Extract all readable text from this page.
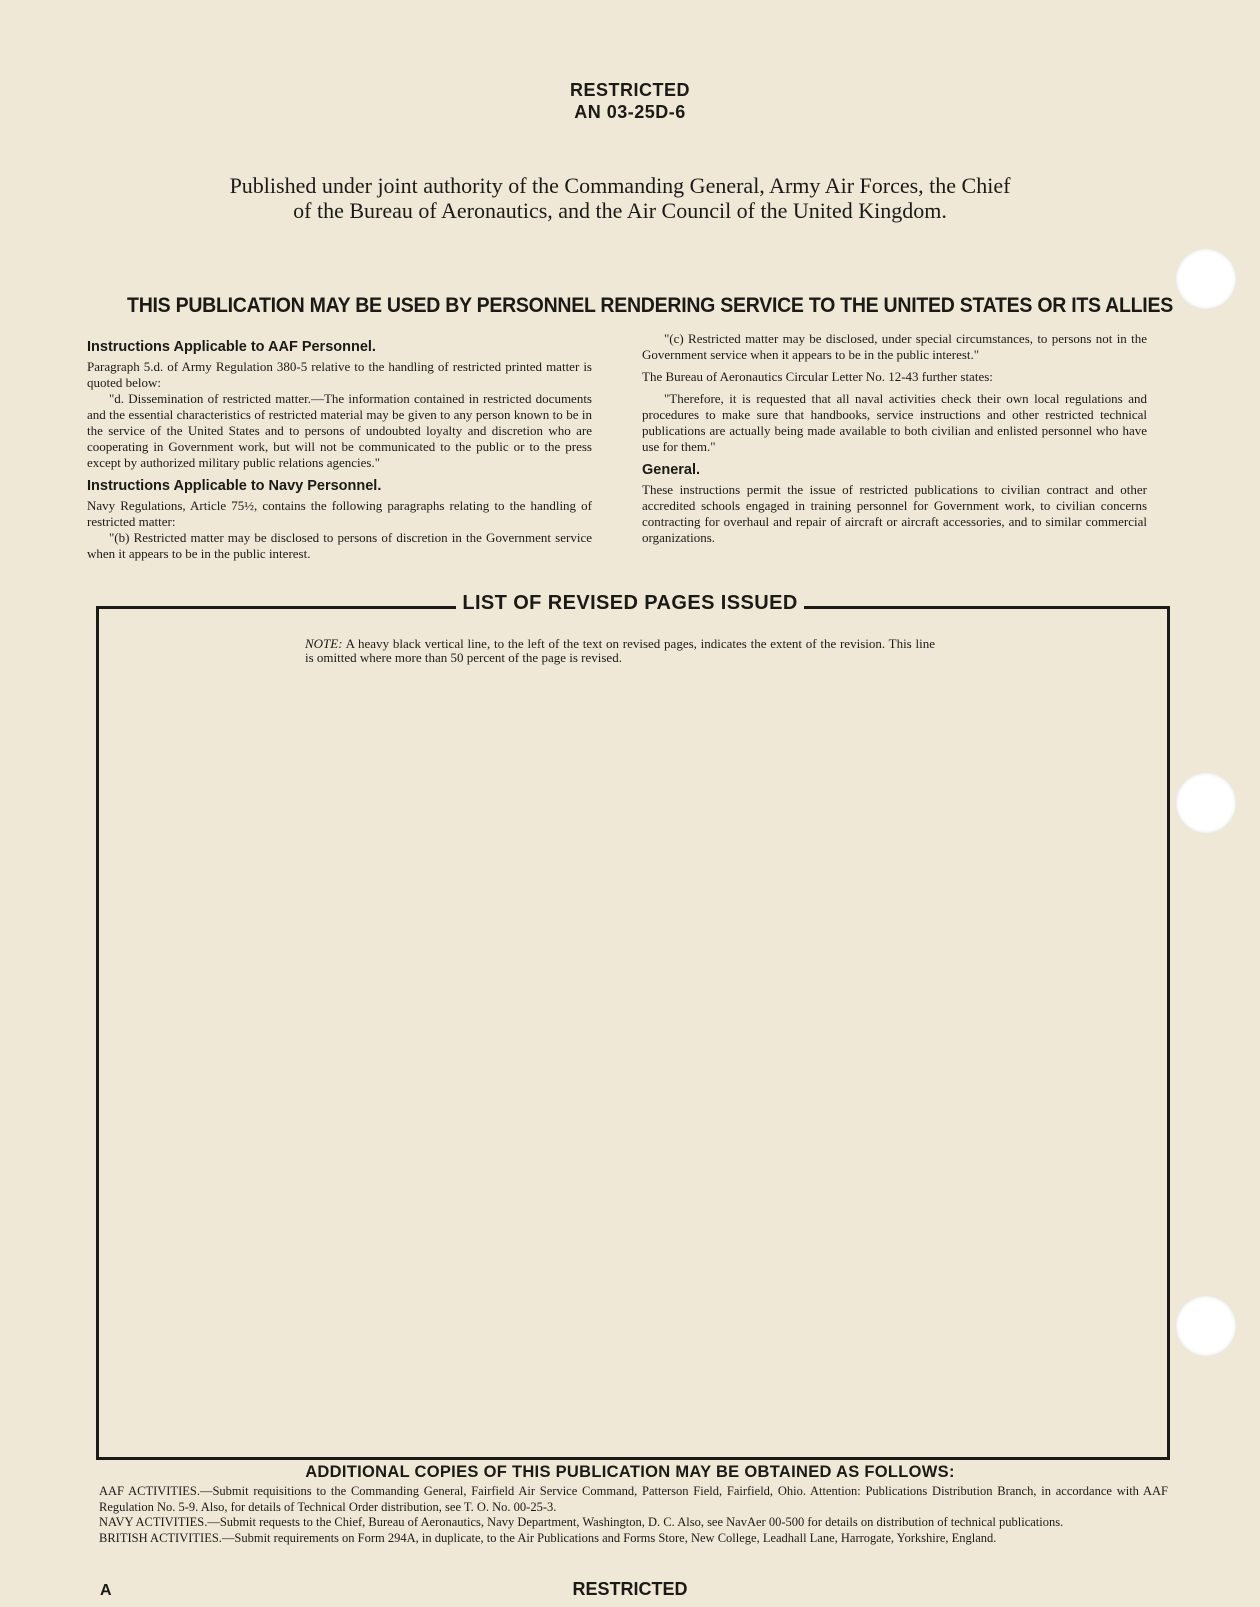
RESTRICTED
AN 03-25D-6
Published under joint authority of the Commanding General, Army Air Forces, the Chief of the Bureau of Aeronautics, and the Air Council of the United Kingdom.
THIS PUBLICATION MAY BE USED BY PERSONNEL RENDERING SERVICE TO THE UNITED STATES OR ITS ALLIES
Instructions Applicable to AAF Personnel.

Paragraph 5.d. of Army Regulation 380-5 relative to the handling of restricted printed matter is quoted below:

"d. Dissemination of restricted matter.—The information contained in restricted documents and the essential characteristics of restricted material may be given to any person known to be in the service of the United States and to persons of undoubted loyalty and discretion who are cooperating in Government work, but will not be communicated to the public or to the press except by authorized military public relations agencies."

Instructions Applicable to Navy Personnel.

Navy Regulations, Article 75½, contains the following paragraphs relating to the handling of restricted matter:

"(b) Restricted matter may be disclosed to persons of discretion in the Government service when it appears to be in the public interest.

"(c) Restricted matter may be disclosed, under special circumstances, to persons not in the Government service when it appears to be in the public interest."

The Bureau of Aeronautics Circular Letter No. 12-43 further states:

"Therefore, it is requested that all naval activities check their own local regulations and procedures to make sure that handbooks, service instructions and other restricted technical publications are actually being made available to both civilian and enlisted personnel who have use for them."

General.

These instructions permit the issue of restricted publications to civilian contract and other accredited schools engaged in training personnel for Government work, to civilian concerns contracting for overhaul and repair of aircraft or aircraft accessories, and to similar commercial organizations.

LIST OF REVISED PAGES ISSUED
NOTE: A heavy black vertical line, to the left of the text on revised pages, indicates the extent of the revision. This line is omitted where more than 50 percent of the page is revised.
ADDITIONAL COPIES OF THIS PUBLICATION MAY BE OBTAINED AS FOLLOWS:

AAF ACTIVITIES.—Submit requisitions to the Commanding General, Fairfield Air Service Command, Patterson Field, Fairfield, Ohio. Attention: Publications Distribution Branch, in accordance with AAF Regulation No. 5-9. Also, for details of Technical Order distribution, see T. O. No. 00-25-3.

NAVY ACTIVITIES.—Submit requests to the Chief, Bureau of Aeronautics, Navy Department, Washington, D. C. Also, see NavAer 00-500 for details on distribution of technical publications.

BRITISH ACTIVITIES.—Submit requirements on Form 294A, in duplicate, to the Air Publications and Forms Store, New College, Leadhall Lane, Harrogate, Yorkshire, England.

A	RESTRICTED
